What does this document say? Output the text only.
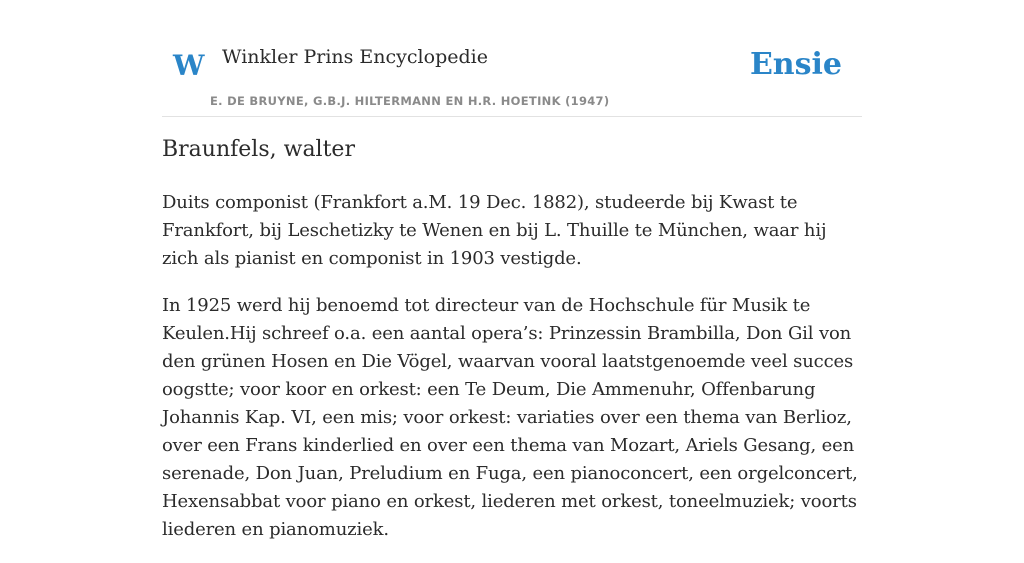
W Winkler Prins Encyclopedie
E. DE BRUYNE, G.B.J. HILTERMANN EN H.R. HOETINK (1947)
Ensie
Braunfels, walter

Duits componist (Frankfort a.M. 19 Dec. 1882), studeerde bij Kwast te Frankfort, bij Leschetizky te Wenen en bij L. Thuille te München, waar hij zich als pianist en componist in 1903 vestigde.

In 1925 werd hij benoemd tot directeur van de Hochschule für Musik te Keulen.Hij schreef o.a. een aantal opera’s: Prinzessin Brambilla, Don Gil von den grünen Hosen en Die Vögel, waarvan vooral laatstgenoemde veel succes oogstte; voor koor en orkest: een Te Deum, Die Ammenuhr, Offenbarung Johannis Kap. VI, een mis; voor orkest: variaties over een thema van Berlioz, over een Frans kinderlied en over een thema van Mozart, Ariels Gesang, een serenade, Don Juan, Preludium en Fuga, een pianoconcert, een orgelconcert, Hexensabbat voor piano en orkest, liederen met orkest, toneelmuziek; voorts liederen en pianomuziek.
